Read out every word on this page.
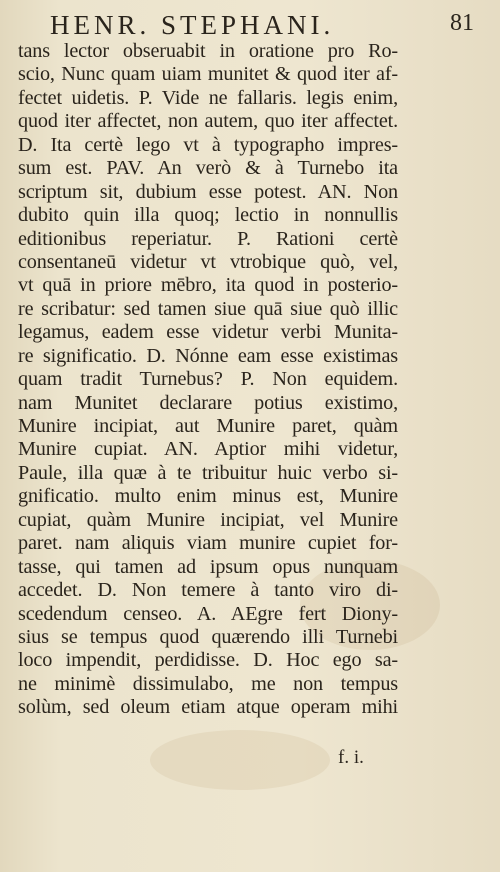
HENR. STEPHANI.	81
tans lector obseruabit in oratione pro Ro-
scio, Nunc quam uiam munitet & quod iter af-
fectet uidetis. P. Vide ne fallaris. legis enim,
quod iter affectet, non autem, quo iter affectet.
D. Ita certè lego vt à typographo impres-
sum est. PAV. An verò & à Turnebo ita
scriptum sit, dubium esse potest. AN. Non
dubito quin illa quoq; lectio in nonnullis
editionibus reperiatur. P. Rationi certè
consentaneū videtur vt vtrobique quò, vel,
vt quā in priore mēbro, ita quod in posterio-
re scribatur: sed tamen siue quā siue quò illic
legamus, eadem esse videtur verbi Munita-
re significatio. D. Nónne eam esse existimas
quam tradit Turnebus? P. Non equidem.
nam Munitet declarare potius existimo,
Munire incipiat, aut Munire paret, quàm
Munire cupiat. AN. Aptior mihi videtur,
Paule, illa quæ à te tribuitur huic verbo si-
gnificatio. multo enim minus est, Munire
cupiat, quàm Munire incipiat, vel Munire
paret. nam aliquis viam munire cupiet for-
tasse, qui tamen ad ipsum opus nunquam
accedet. D. Non temere à tanto viro di-
scedendum censeo. A. AEgre fert Diony-
sius se tempus quod quærendo illi Turnebi
loco impendit, perdidisse. D. Hoc ego sa-
ne minimè dissimulabo, me non tempus
solùm, sed oleum etiam atque operam mihi
f. i.
